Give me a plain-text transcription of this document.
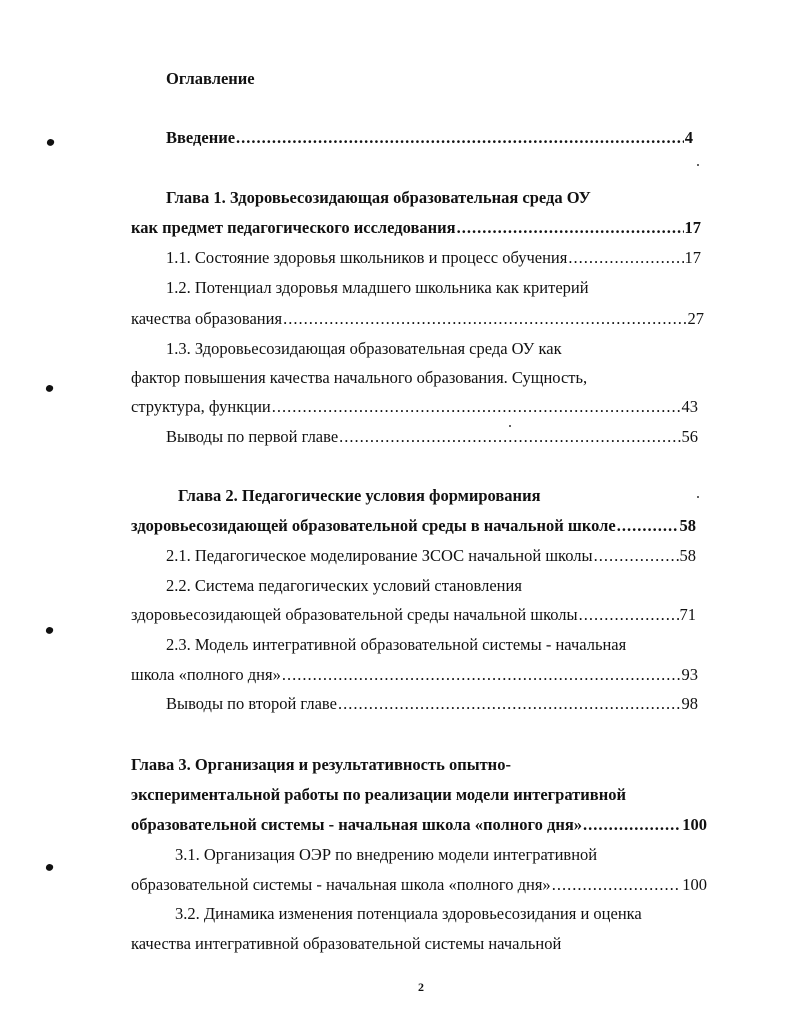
Оглавление
Введение .....	4
Глава 1. Здоровьесозидающая образовательная среда ОУ
как предмет педагогического исследования .....	17
1.1. Состояние здоровья школьников и процесс обучения .....	17
1.2. Потенциал здоровья младшего школьника как критерий
качества образования .....	27
1.3. Здоровьесозидающая образовательная среда ОУ как
фактор повышения качества начального образования. Сущность,
структура, функции .....	43
Выводы по первой главе .....	56
Глава 2. Педагогические условия формирования
здоровьесозидающей образовательной среды в начальной школе .....	58
2.1. Педагогическое моделирование ЗСОС начальной школы .....	58
2.2. Система педагогических условий становления
здоровьесозидающей образовательной среды начальной школы .....	71
2.3. Модель интегративной образовательной системы - начальная
школа «полного дня» .....	93
Выводы по второй главе .....	98
Глава 3. Организация и результативность опытно-
экспериментальной работы по реализации модели интегративной
образовательной системы - начальная школа «полного дня» .....	100
3.1. Организация ОЭР по внедрению модели интегративной
образовательной системы - начальная школа «полного дня» .....	100
3.2. Динамика изменения потенциала здоровьесозидания и оценка
качества интегративной образовательной системы начальной
2
